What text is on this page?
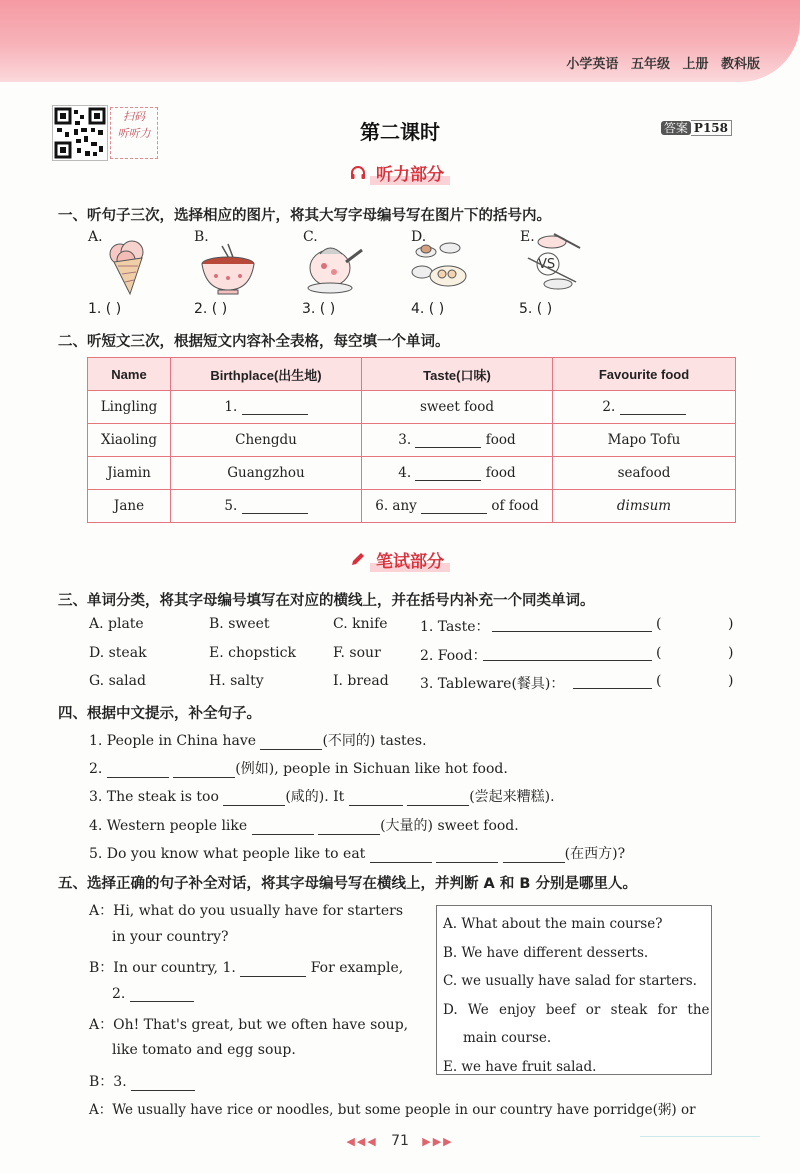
小学英语 五年级 上册 教科版
扫码
听听力	第二课时	答案 P158
听力部分
一、听句子三次，选择相应的图片，将其大写字母编号写在图片下的括号内。
A.	B.	C.	D.	E.
VS
1. ( )	2. ( )	3. ( )	4. ( )	5. ( )
二、听短文三次，根据短文内容补全表格，每空填一个单词。
Name	Birthplace(出生地)	Taste(口味)	Favourite food
Lingling	1.	sweet food	2.
Xiaoling	Chengdu	3. food	Mapo Tofu
Jiamin	Guangzhou	4. food	seafood
Jane	5.	6. any of food	dimsum
笔试部分
三、单词分类，将其字母编号填写在对应的横线上，并在括号内补充一个同类单词。
A. plate	B. sweet	C. knife
D. steak	E. chopstick	F. sour
G. salad	H. salty	I. bread
1. Taste：	(	)
2. Food：	(	)
3. Tableware(餐具)：	(	)
四、根据中文提示，补全句子。
1. People in China have	(不同的) tastes.
2.	(例如), people in Sichuan like hot food.
3. The steak is too	(咸的). It	(尝起来糟糕).
4. Western people like	(大量的) sweet food.
5. Do you know what people like to eat	(在西方)?
五、选择正确的句子补全对话，将其字母编号写在横线上，并判断 A 和 B 分别是哪里人。
A：Hi, what do you usually have for starters
in your country?
B：In our country, 1.	For example,
2.
A：Oh! That's great, but we often have soup,
like tomato and egg soup.
B：3.
A：We usually have rice or noodles, but some people in our country have porridge(粥) or
A. What about the main course?
B. We have different desserts.
C. we usually have salad for starters.
D. We enjoy beef or steak for the
main course.
E. we have fruit salad.
◀◀◀ 71 ▶▶▶
